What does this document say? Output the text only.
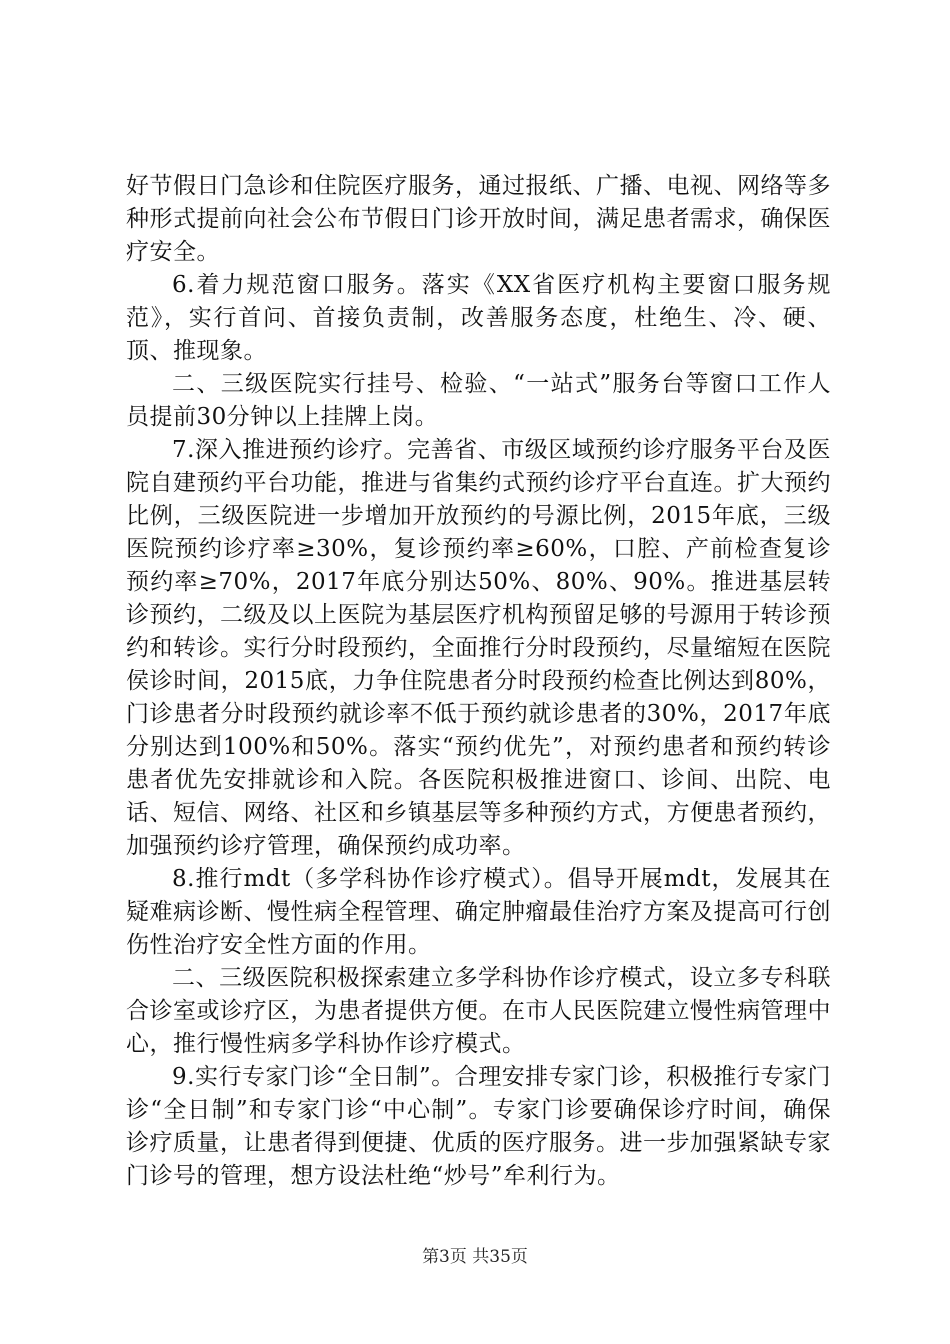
好节假日门急诊和住院医疗服务，通过报纸、广播、电视、网络等多种形式提前向社会公布节假日门诊开放时间，满足患者需求，确保医疗安全。

6.着力规范窗口服务。落实《XX省医疗机构主要窗口服务规范》，实行首问、首接负责制，改善服务态度，杜绝生、冷、硬、顶、推现象。

二、三级医院实行挂号、检验、“一站式”服务台等窗口工作人员提前30分钟以上挂牌上岗。

7.深入推进预约诊疗。完善省、市级区域预约诊疗服务平台及医院自建预约平台功能，推进与省集约式预约诊疗平台直连。扩大预约比例，三级医院进一步增加开放预约的号源比例，2015年底，三级医院预约诊疗率≥30%，复诊预约率≥60%，口腔、产前检查复诊预约率≥70%，2017年底分别达50%、80%、90%。推进基层转诊预约，二级及以上医院为基层医疗机构预留足够的号源用于转诊预约和转诊。实行分时段预约，全面推行分时段预约，尽量缩短在医院侯诊时间，2015底，力争住院患者分时段预约检查比例达到80%，门诊患者分时段预约就诊率不低于预约就诊患者的30%，2017年底分别达到100%和50%。落实“预约优先”，对预约患者和预约转诊患者优先安排就诊和入院。各医院积极推进窗口、诊间、出院、电话、短信、网络、社区和乡镇基层等多种预约方式，方便患者预约，加强预约诊疗管理，确保预约成功率。

8.推行mdt（多学科协作诊疗模式）。倡导开展mdt，发展其在疑难病诊断、慢性病全程管理、确定肿瘤最佳治疗方案及提高可行创伤性治疗安全性方面的作用。

二、三级医院积极探索建立多学科协作诊疗模式，设立多专科联合诊室或诊疗区，为患者提供方便。在市人民医院建立慢性病管理中心，推行慢性病多学科协作诊疗模式。

9.实行专家门诊“全日制”。合理安排专家门诊，积极推行专家门诊“全日制”和专家门诊“中心制”。专家门诊要确保诊疗时间，确保诊疗质量，让患者得到便捷、优质的医疗服务。进一步加强紧缺专家门诊号的管理，想方设法杜绝“炒号”牟利行为。

第3页 共35页
